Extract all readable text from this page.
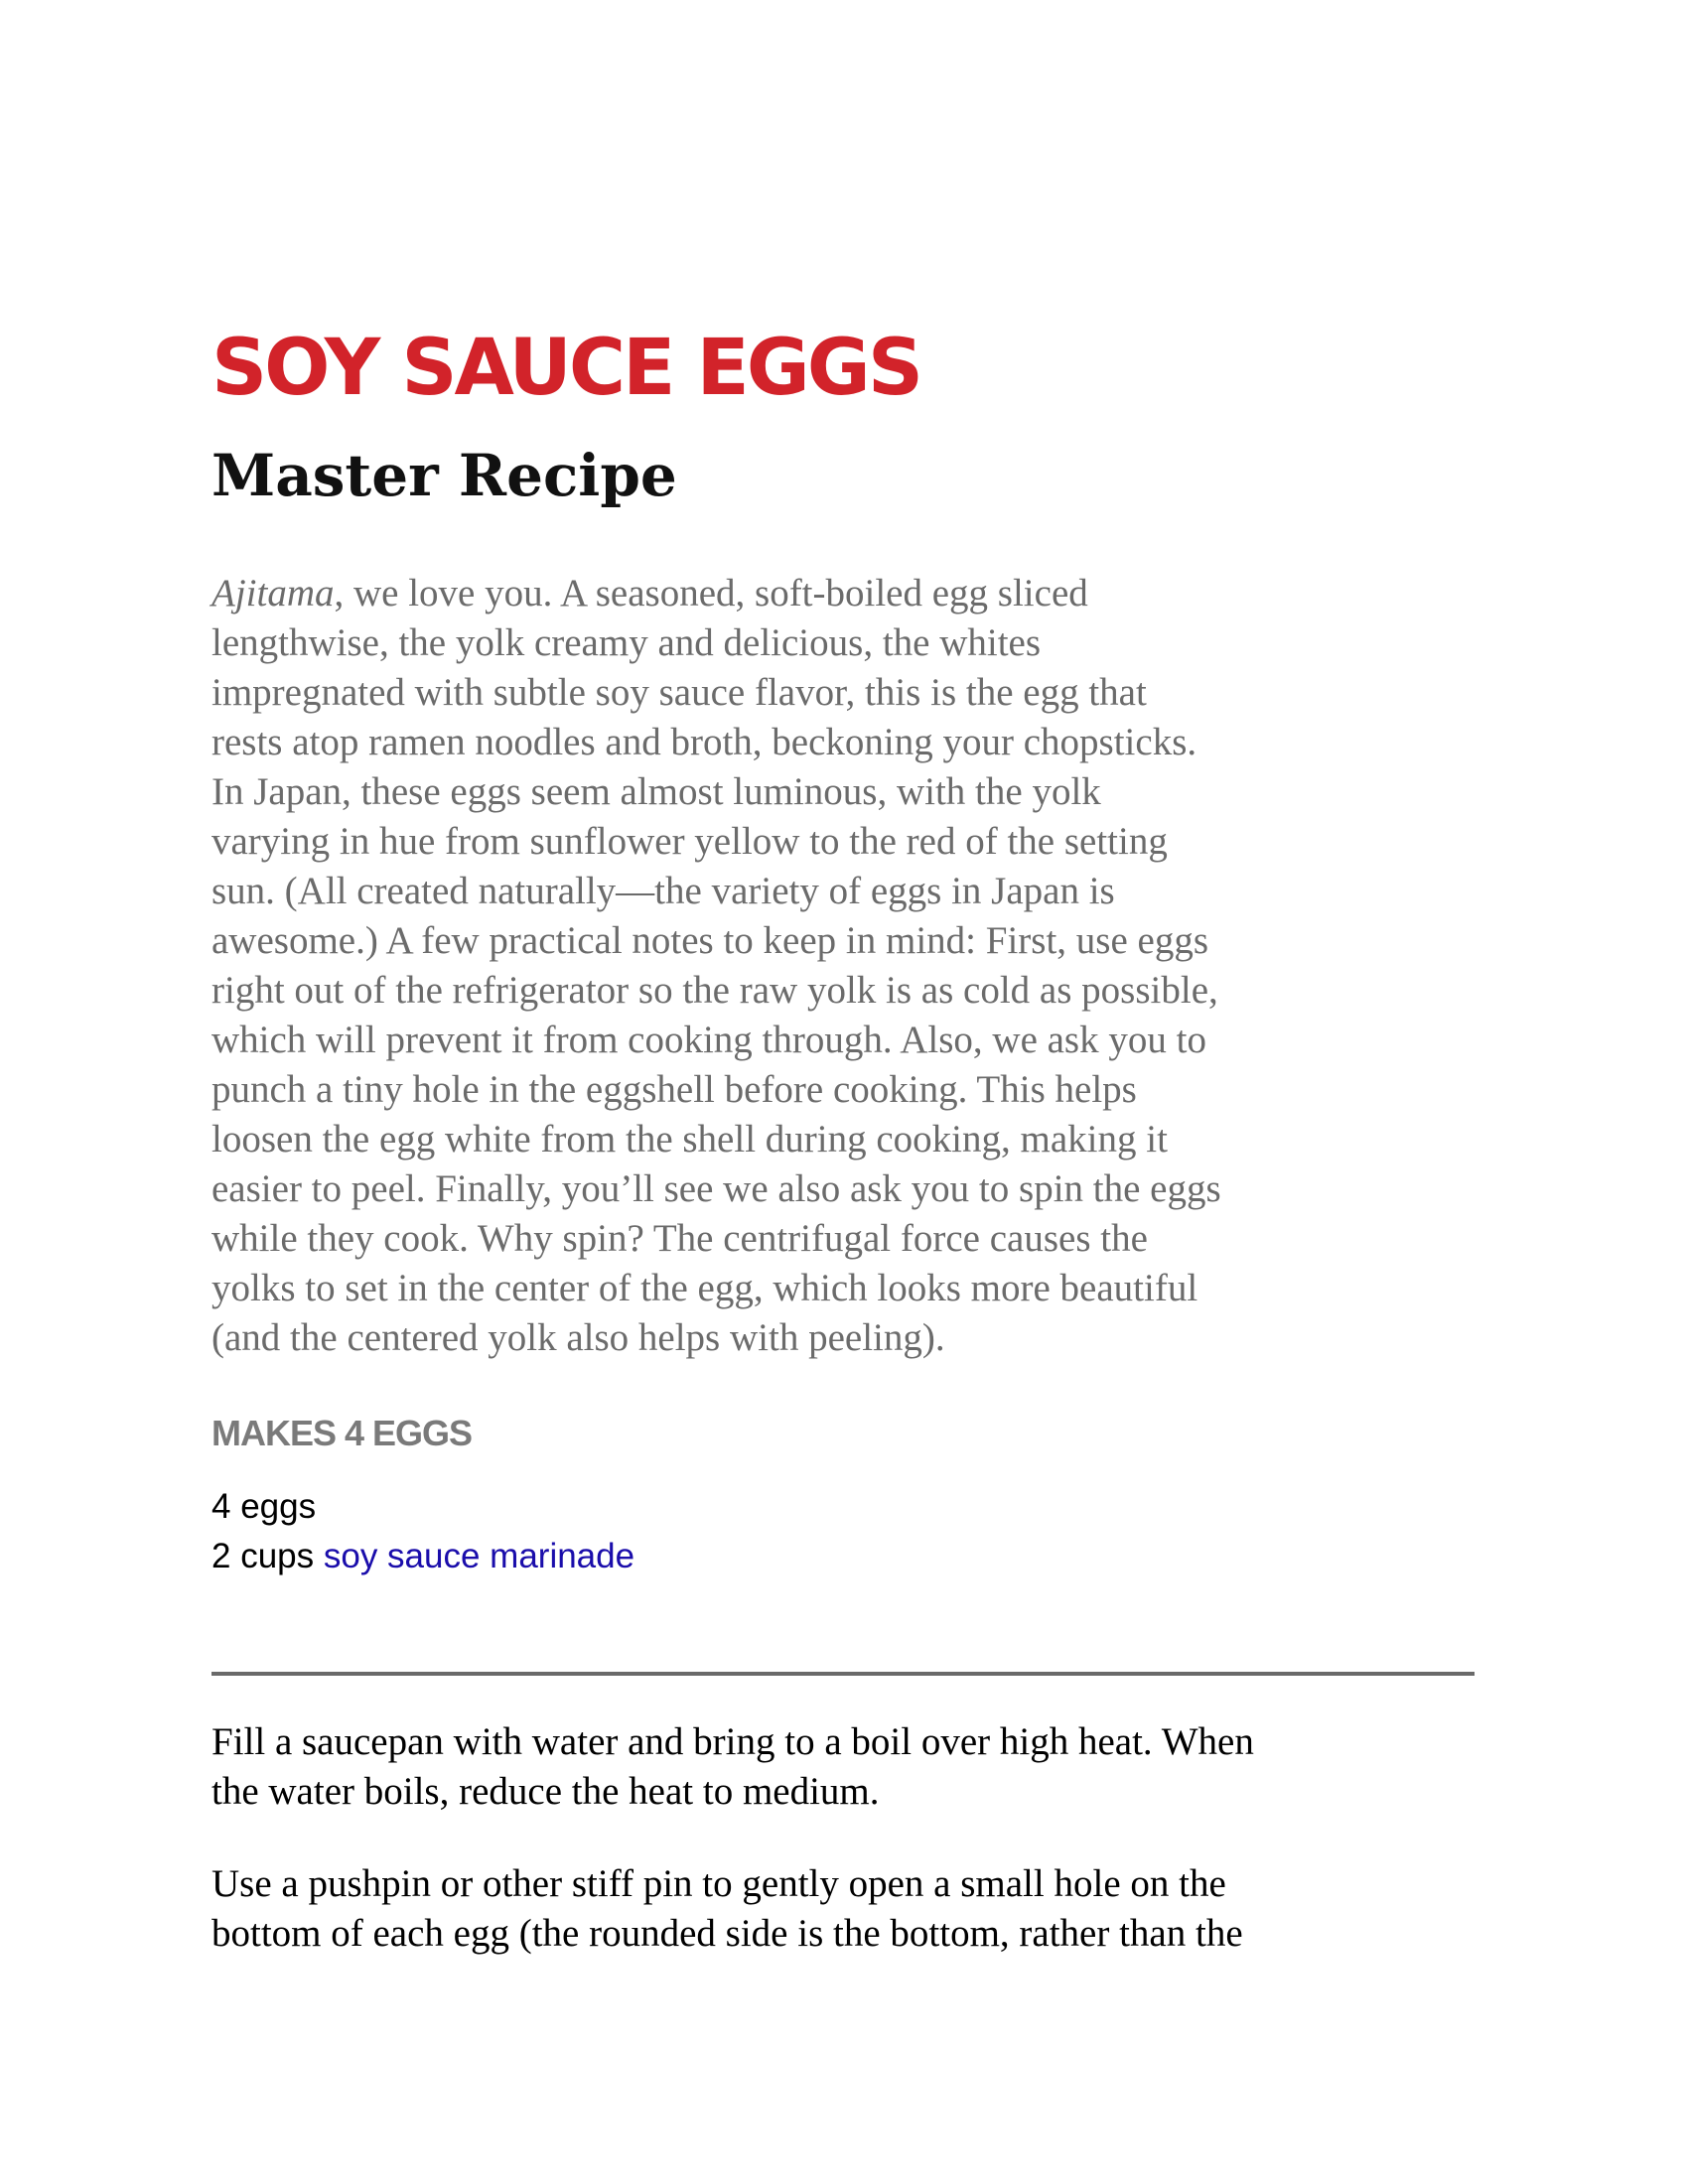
SOY SAUCE EGGS
Master Recipe

Ajitama, we love you. A seasoned, soft-boiled egg sliced
lengthwise, the yolk creamy and delicious, the whites
impregnated with subtle soy sauce flavor, this is the egg that
rests atop ramen noodles and broth, beckoning your chopsticks.
In Japan, these eggs seem almost luminous, with the yolk
varying in hue from sunflower yellow to the red of the setting
sun. (All created naturally—the variety of eggs in Japan is
awesome.) A few practical notes to keep in mind: First, use eggs
right out of the refrigerator so the raw yolk is as cold as possible,
which will prevent it from cooking through. Also, we ask you to
punch a tiny hole in the eggshell before cooking. This helps
loosen the egg white from the shell during cooking, making it
easier to peel. Finally, you’ll see we also ask you to spin the eggs
while they cook. Why spin? The centrifugal force causes the
yolks to set in the center of the egg, which looks more beautiful
(and the centered yolk also helps with peeling).

MAKES 4 EGGS
4 eggs
2 cups soy sauce marinade

Fill a saucepan with water and bring to a boil over high heat. When
the water boils, reduce the heat to medium.

Use a pushpin or other stiff pin to gently open a small hole on the
bottom of each egg (the rounded side is the bottom, rather than the
